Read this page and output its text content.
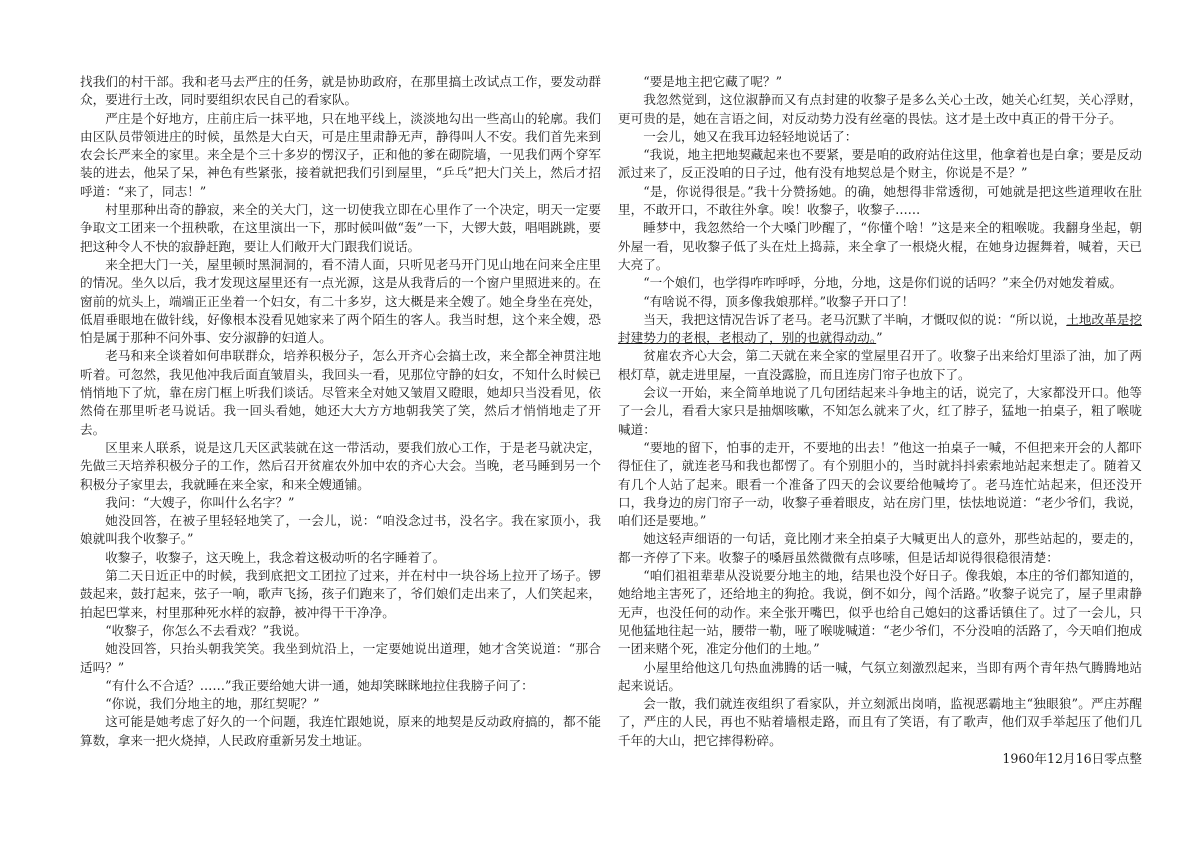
找我们的村干部。我和老马去严庄的任务，就是协助政府，在那里搞土改试点工作，要发动群众，要进行土改，同时要组织农民自己的看家队。

严庄是个好地方，庄前庄后一抹平地，只在地平线上，淡淡地勾出一些高山的轮廓。我们由区队员带领进庄的时候，虽然是大白天，可是庄里肃静无声，静得叫人不安。我们首先来到农会长严来全的家里。来全是个三十多岁的愣汉子，正和他的爹在砌院墙，一见我们两个穿军装的进去，他呆了呆，神色有些紧张，接着就把我们引到屋里，“乒乓”把大门关上，然后才招呼道：“来了，同志！”

村里那种出奇的静寂，来全的关大门，这一切使我立即在心里作了一个决定，明天一定要争取文工团来一个扭秧歌，在这里演出一下，那时候叫做“轰”一下，大锣大鼓，唱唱跳跳，要把这种令人不快的寂静赶跑，要让人们敞开大门跟我们说话。

来全把大门一关，屋里顿时黑洞洞的，看不清人面，只听见老马开门见山地在问来全庄里的情况。坐久以后，我才发现这屋里还有一点光源，这是从我背后的一个窗户里照进来的。在窗前的炕头上，端端正正坐着一个妇女，有二十多岁，这大概是来全嫂了。她全身坐在亮处，低眉垂眼地在做针线，好像根本没看见她家来了两个陌生的客人。我当时想，这个来全嫂，恐怕是属于那种不问外事、安分淑静的妇道人。

老马和来全谈着如何串联群众，培养积极分子，怎么开齐心会搞土改，来全都全神贯注地听着。可忽然，我见他冲我后面直皱眉头，我回头一看，见那位守静的妇女，不知什么时候已悄悄地下了炕，靠在房门框上听我们谈话。尽管来全对她又皱眉又瞪眼，她却只当没看见，依然倚在那里听老马说话。我一回头看她，她还大大方方地朝我笑了笑，然后才悄悄地走了开去。

区里来人联系，说是这几天区武装就在这一带活动，要我们放心工作，于是老马就决定，先做三天培养积极分子的工作，然后召开贫雇农外加中农的齐心大会。当晚，老马睡到另一个积极分子家里去，我就睡在来全家，和来全嫂通铺。

我问：“大嫂子，你叫什么名字？”

她没回答，在被子里轻轻地笑了，一会儿，说：“咱没念过书，没名字。我在家顶小，我娘就叫我个收黎子。”

收黎子，收黎子，这天晚上，我念着这极动听的名字睡着了。

第二天日近正中的时候，我到底把文工团拉了过来，并在村中一块谷场上拉开了场子。锣鼓起来，鼓打起来，弦子一响，歌声飞扬，孩子们跑来了，爷们娘们走出来了，人们笑起来，拍起巴掌来，村里那种死水样的寂静，被冲得干干净净。

“收黎子，你怎么不去看戏？”我说。

她没回答，只抬头朝我笑笑。我坐到炕沿上，一定要她说出道理，她才含笑说道：“那合适吗？”

“有什么不合适？……”我正要给她大讲一通，她却笑眯眯地拉住我膀子问了：

“你说，我们分地主的地，那红契呢？”

这可能是她考虑了好久的一个问题，我连忙跟她说，原来的地契是反动政府搞的，都不能算数，拿来一把火烧掉，人民政府重新另发土地证。

“要是地主把它藏了呢？”

我忽然觉到，这位淑静而又有点封建的收黎子是多么关心土改，她关心红契，关心浮财，更可贵的是，她在言语之间，对反动势力没有丝毫的畏怯。这才是土改中真正的骨干分子。

一会儿，她又在我耳边轻轻地说话了：

“我说，地主把地契藏起来也不要紧，要是咱的政府站住这里，他拿着也是白拿；要是反动派过来了，反正没咱的日子过，他有没有地契总是个财主，你说是不是？”

“是，你说得很是。”我十分赞扬她。的确，她想得非常透彻，可她就是把这些道理收在肚里，不敢开口，不敢往外拿。唉！收黎子，收黎子……

睡梦中，我忽然给一个大嗓门吵醒了，“你懂个啥！”这是来全的粗喉咙。我翻身坐起，朝外屋一看，见收黎子低了头在灶上捣蒜，来全拿了一根烧火棍，在她身边握舞着，喊着，天已大亮了。

“一个娘们，也学得咋咋呼呼，分地，分地，这是你们说的话吗？”来全仍对她发着威。

“有啥说不得，顶多像我娘那样。”收黎子开口了！

当天，我把这情况告诉了老马。老马沉默了半晌，才慨叹似的说：“所以说，土地改革是挖封建势力的老根，老根动了，别的也就得动动。”

贫雇农齐心大会，第二天就在来全家的堂屋里召开了。收黎子出来给灯里添了油，加了两根灯草，就走进里屋，一直没露脸，而且连房门帘子也放下了。

会议一开始，来全简单地说了几句团结起来斗争地主的话，说完了，大家都没开口。他等了一会儿，看看大家只是抽烟咳嗽，不知怎么就来了火，红了脖子，猛地一拍桌子，粗了喉咙喊道：

“要地的留下，怕事的走开，不要地的出去！”他这一拍桌子一喊，不但把来开会的人都吓得怔住了，就连老马和我也都愣了。有个别胆小的，当时就抖抖索索地站起来想走了。随着又有几个人站了起来。眼看一个准备了四天的会议要给他喊垮了。老马连忙站起来，但还没开口，我身边的房门帘子一动，收黎子垂着眼皮，站在房门里，怯怯地说道：“老少爷们，我说，咱们还是要地。”

她这轻声细语的一句话，竟比刚才来全拍桌子大喊更出人的意外，那些站起的，要走的，都一齐停了下来。收黎子的嗓唇虽然微微有点哆嗦，但是话却说得很稳很清楚：

“咱们祖祖辈辈从没说要分地主的地，结果也没个好日子。像我娘，本庄的爷们都知道的，她给地主害死了，还给地主的狗抢。我说，倒不如分，闯个活路。”收黎子说完了，屋子里肃静无声，也没任何的动作。来全张开嘴巴，似乎也给自己媳妇的这番话镇住了。过了一会儿，只见他猛地往起一站，腰带一勒，哑了喉咙喊道：“老少爷们，不分没咱的活路了，今天咱们抱成一团来赌个死，准定分他们的土地。”

小屋里给他这几句热血沸腾的话一喊，气氛立刻激烈起来，当即有两个青年热气腾腾地站起来说话。

会一散，我们就连夜组织了看家队，并立刻派出岗哨，监视恶霸地主“独眼狼”。严庄苏醒了，严庄的人民，再也不贴着墙根走路，而且有了笑语，有了歌声，他们双手举起压了他们几千年的大山，把它摔得粉碎。

1960年12月16日零点整
